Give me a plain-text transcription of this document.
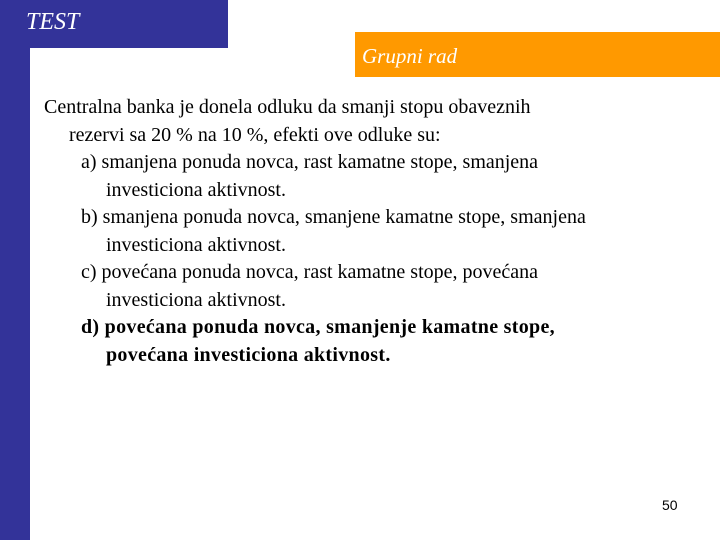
TEST
Grupni rad
Centralna banka je donela odluku da smanji stopu obaveznih
rezervi sa 20 % na 10 %, efekti ove odluke su:
a) smanjena ponuda novca, rast kamatne stope, smanjena
investiciona aktivnost.
b) smanjena ponuda novca, smanjene kamatne stope, smanjena
investiciona aktivnost.
c) povećana ponuda novca, rast kamatne stope, povećana
investiciona aktivnost.
d) povećana ponuda novca, smanjenje kamatne stope,
povećana investiciona aktivnost.
50
